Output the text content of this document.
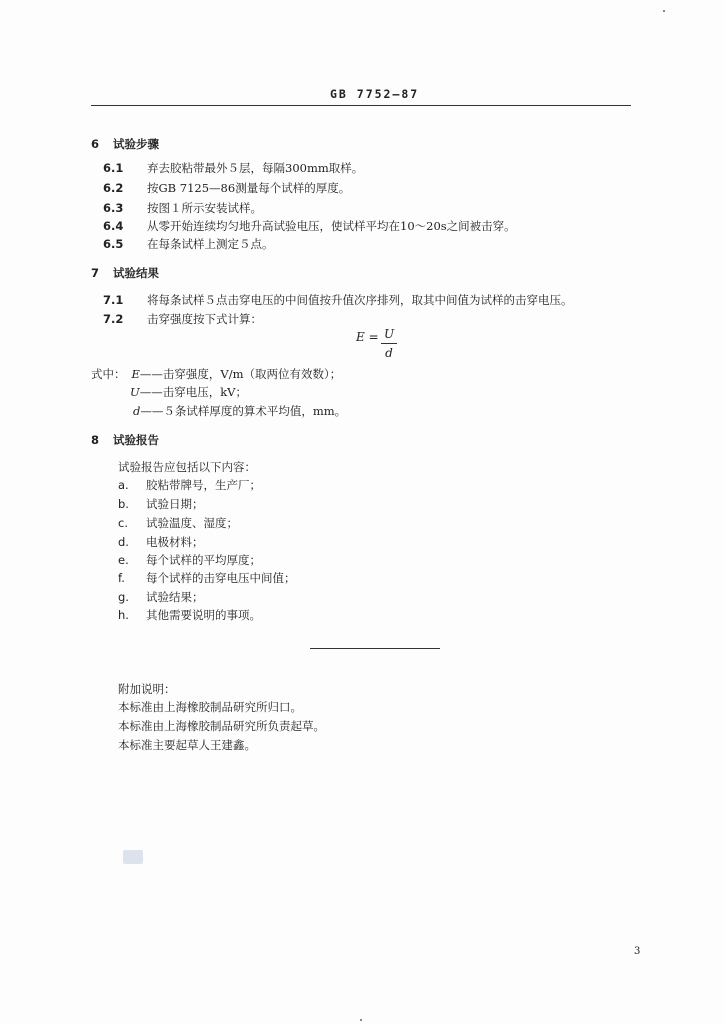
GB 7752—87
6 试验步骤
6.1 弃去胶粘带最外５层，每隔300mm取样。
6.2 按GB 7125—86测量每个试样的厚度。
6.3 按图１所示安装试样。
6.4 从零开始连续均匀地升高试验电压，使试样平均在10～20s之间被击穿。
6.5 在每条试样上测定５点。
7 试验结果
7.1 将每条试样５点击穿电压的中间值按升值次序排列，取其中间值为试样的击穿电压。
7.2 击穿强度按下式计算：
E = U
d
式中： E——击穿强度，V/m（取两位有效数）；
U——击穿电压，kV；
d——５条试样厚度的算术平均值，mm。
8 试验报告
试验报告应包括以下内容：
a. 胶粘带牌号，生产厂；
b. 试验日期；
c. 试验温度、湿度；
d. 电极材料；
e. 每个试样的平均厚度；
f. 每个试样的击穿电压中间值；
g. 试验结果；
h. 其他需要说明的事项。
附加说明：
本标准由上海橡胶制品研究所归口。
本标准由上海橡胶制品研究所负责起草。
本标准主要起草人王建鑫。
3
